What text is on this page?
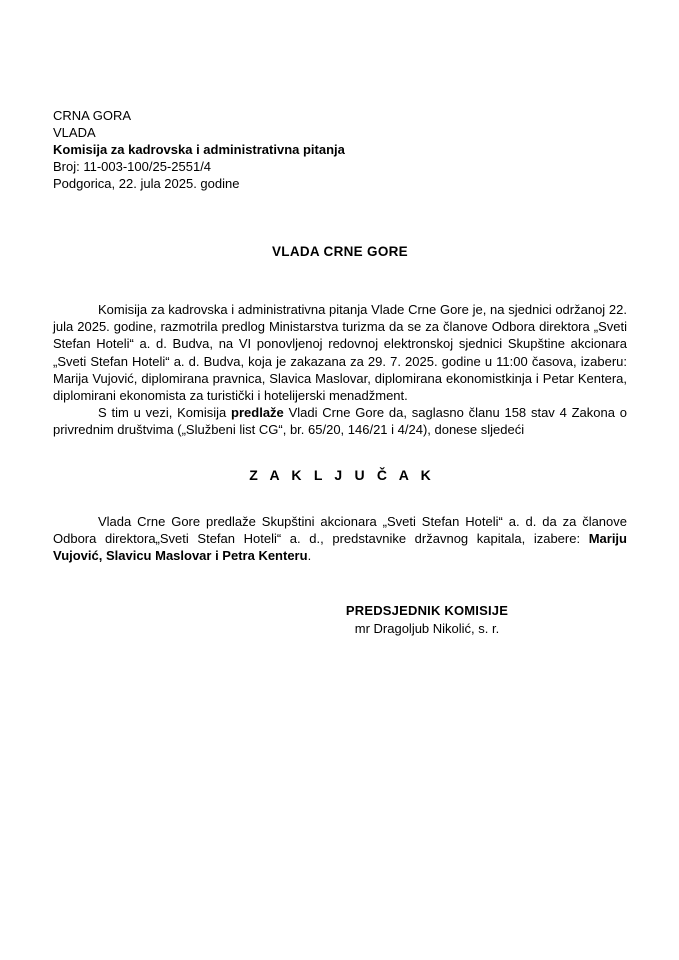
CRNA GORA
VLADA
Komisija za kadrovska i administrativna pitanja
Broj: 11-003-100/25-2551/4
Podgorica, 22. jula 2025. godine
VLADA CRNE GORE

Komisija za kadrovska i administrativna pitanja Vlade Crne Gore je, na sjednici održanoj 22. jula 2025. godine, razmotrila predlog Ministarstva turizma da se za članove Odbora direktora „Sveti Stefan Hoteli“ a. d. Budva, na VI ponovljenoj redovnoj elektronskoj sjednici Skupštine akcionara „Sveti Stefan Hoteli“ a. d. Budva, koja je zakazana za 29. 7. 2025. godine u 11:00 časova, izaberu: Marija Vujović, diplomirana pravnica, Slavica Maslovar, diplomirana ekonomistkinja i Petar Kentera, diplomirani ekonomista za turistički i hotelijerski menadžment.

S tim u vezi, Komisija predlaže Vladi Crne Gore da, saglasno članu 158 stav 4 Zakona o privrednim društvima („Službeni list CG“, br. 65/20, 146/21 i 4/24), donese sljedeći

Z A K L J U Č A K

Vlada Crne Gore predlaže Skupštini akcionara „Sveti Stefan Hoteli“ a. d. da za članove Odbora direktora„Sveti Stefan Hoteli“ a. d., predstavnike državnog kapitala, izabere: Mariju Vujović, Slavicu Maslovar i Petra Kenteru.

PREDSJEDNIK KOMISIJE
mr Dragoljub Nikolić, s. r.
